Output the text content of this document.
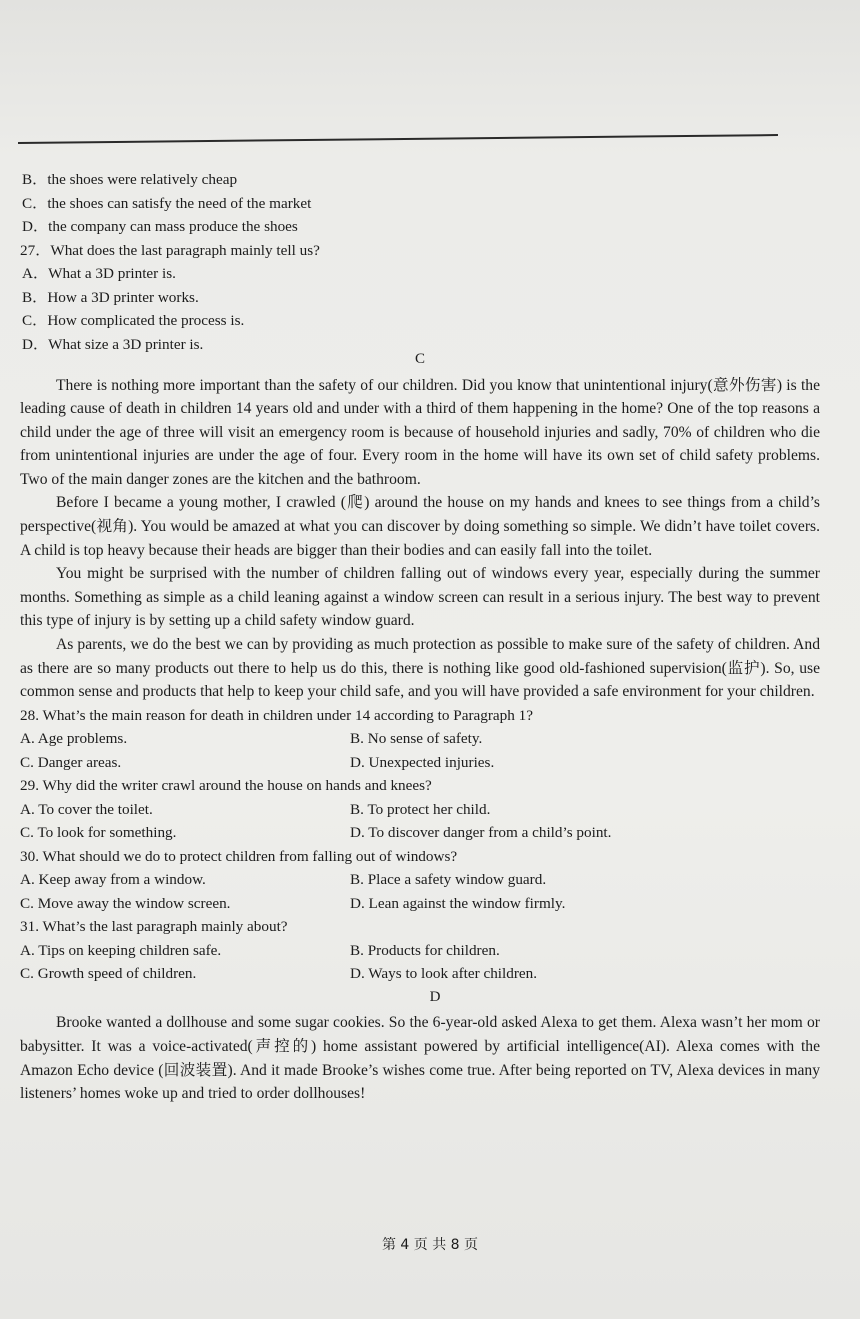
B．the shoes were relatively cheap
C．the shoes can satisfy the need of the market
D．the company can mass produce the shoes
27．What does the last paragraph mainly tell us?
A．What a 3D printer is.
B．How a 3D printer works.
C．How complicated the process is.
D．What size a 3D printer is.
C

There is nothing more important than the safety of our children. Did you know that unintentional injury(意外伤害) is the leading cause of death in children 14 years old and under with a third of them happening in the home? One of the top reasons a child under the age of three will visit an emergency room is because of household injuries and sadly, 70% of children who die from unintentional injuries are under the age of four. Every room in the home will have its own set of child safety problems. Two of the main danger zones are the kitchen and the bathroom.

Before I became a young mother, I crawled (爬) around the house on my hands and knees to see things from a child’s perspective(视角). You would be amazed at what you can discover by doing something so simple. We didn’t have toilet covers. A child is top heavy because their heads are bigger than their bodies and can easily fall into the toilet.

You might be surprised with the number of children falling out of windows every year, especially during the summer months. Something as simple as a child leaning against a window screen can result in a serious injury. The best way to prevent this type of injury is by setting up a child safety window guard.

As parents, we do the best we can by providing as much protection as possible to make sure of the safety of children. And as there are so many products out there to help us do this, there is nothing like good old-fashioned supervision(监护). So, use common sense and products that help to keep your child safe, and you will have provided a safe environment for your children.

28. What’s the main reason for death in children under 14 according to Paragraph 1?
A. Age problems.	B. No sense of safety.
C. Danger areas.	D. Unexpected injuries.
29. Why did the writer crawl around the house on hands and knees?
A. To cover the toilet.	B. To protect her child.
C. To look for something.	D. To discover danger from a child’s point.
30. What should we do to protect children from falling out of windows?
A. Keep away from a window.	B. Place a safety window guard.
C. Move away the window screen.	D. Lean against the window firmly.
31. What’s the last paragraph mainly about?
A. Tips on keeping children safe.	B. Products for children.
C. Growth speed of children.	D. Ways to look after children.
D

Brooke wanted a dollhouse and some sugar cookies. So the 6-year-old asked Alexa to get them. Alexa wasn’t her mom or babysitter. It was a voice-activated(声控的) home assistant powered by artificial intelligence(AI). Alexa comes with the Amazon Echo device (回波装置). And it made Brooke’s wishes come true. After being reported on TV, Alexa devices in many listeners’ homes woke up and tried to order dollhouses!

第 4 页 共 8 页
